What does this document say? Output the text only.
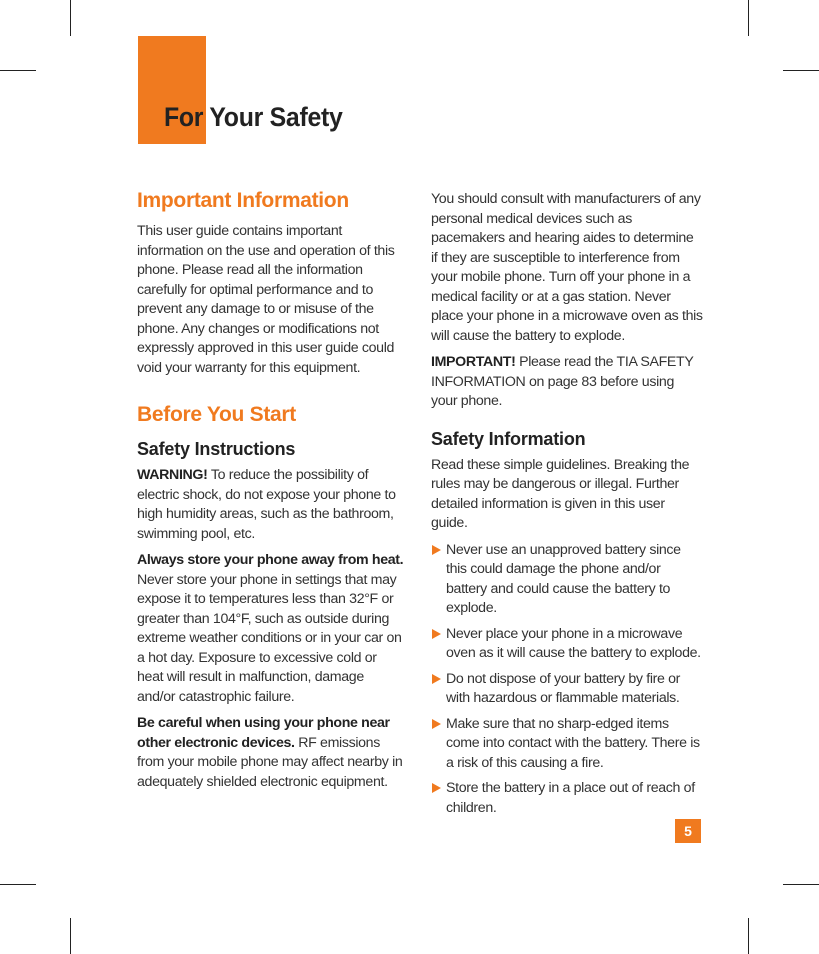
For Your Safety
Important Information

This user guide contains important information on the use and operation of this phone. Please read all the information carefully for optimal performance and to prevent any damage to or misuse of the phone. Any changes or modifications not expressly approved in this user guide could void your warranty for this equipment.

Before You Start
Safety Instructions

WARNING! To reduce the possibility of electric shock, do not expose your phone to high humidity areas, such as the bathroom, swimming pool, etc.

Always store your phone away from heat. Never store your phone in settings that may expose it to temperatures less than 32°F or greater than 104°F, such as outside during extreme weather conditions or in your car on a hot day. Exposure to excessive cold or heat will result in malfunction, damage and/or catastrophic failure.

Be careful when using your phone near other electronic devices. RF emissions from your mobile phone may affect nearby in adequately shielded electronic equipment.

You should consult with manufacturers of any personal medical devices such as pacemakers and hearing aides to determine if they are susceptible to interference from your mobile phone. Turn off your phone in a medical facility or at a gas station. Never place your phone in a microwave oven as this will cause the battery to explode.

IMPORTANT! Please read the TIA SAFETY INFORMATION on page 83 before using your phone.

Safety Information

Read these simple guidelines. Breaking the rules may be dangerous or illegal. Further detailed information is given in this user guide.

Never use an unapproved battery since this could damage the phone and/or battery and could cause the battery to explode.
Never place your phone in a microwave oven as it will cause the battery to explode.
Do not dispose of your battery by fire or with hazardous or flammable materials.
Make sure that no sharp-edged items come into contact with the battery. There is a risk of this causing a fire.
Store the battery in a place out of reach of children.
5
